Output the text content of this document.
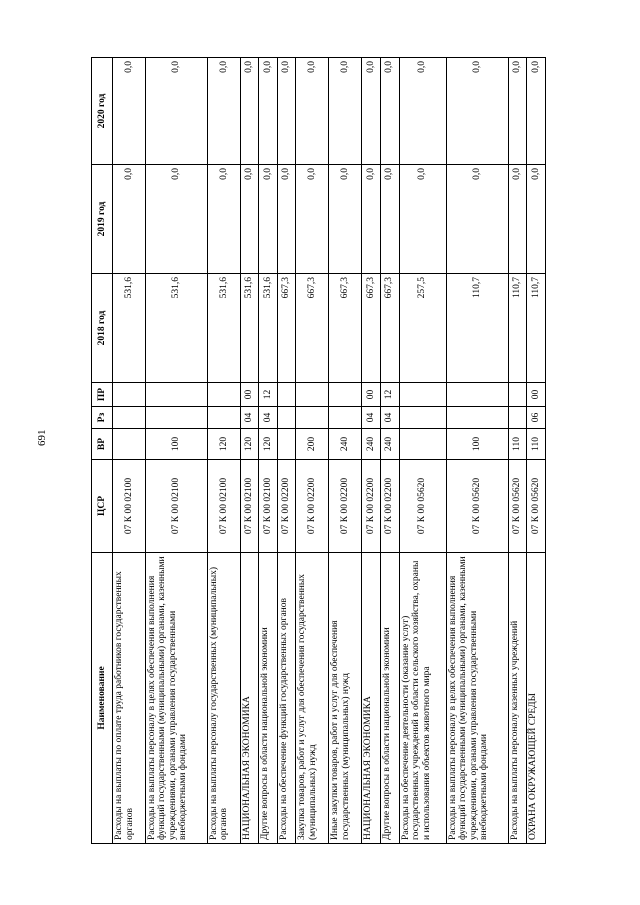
691
Наименование	ЦСР	ВР	Рз	ПР	2018 год	2019 год	2020 год
Расходы на выплаты по оплате труда работников государственных органов	07 К 00 02100				531,6	0,0	0,0
Расходы на выплаты персоналу в целях обеспечения выполнения функций государственными (муниципальными) органами, казенными учреждениями, органами управления государственными внебюджетными фондами	07 К 00 02100	100			531,6	0,0	0,0
Расходы на выплаты персоналу государственных (муниципальных) органов	07 К 00 02100	120			531,6	0,0	0,0
НАЦИОНАЛЬНАЯ ЭКОНОМИКА	07 К 00 02100	120	04	00	531,6	0,0	0,0
Другие вопросы в области национальной экономики	07 К 00 02100	120	04	12	531,6	0,0	0,0
Расходы на обеспечение функций государственных органов	07 К 00 02200				667,3	0,0	0,0
Закупка товаров, работ и услуг для обеспечения государственных (муниципальных) нужд	07 К 00 02200	200			667,3	0,0	0,0
Иные закупки товаров, работ и услуг для обеспечения государственных (муниципальных) нужд	07 К 00 02200	240			667,3	0,0	0,0
НАЦИОНАЛЬНАЯ ЭКОНОМИКА	07 К 00 02200	240	04	00	667,3	0,0	0,0
Другие вопросы в области национальной экономики	07 К 00 02200	240	04	12	667,3	0,0	0,0
Расходы на обеспечение деятельности (оказание услуг) государственных учреждений в области сельского хозяйства, охраны и использования объектов животного мира	07 К 00 05620				257,5	0,0	0,0
Расходы на выплаты персоналу в целях обеспечения выполнения функций государственными (муниципальными) органами, казенными учреждениями, органами управления государственными внебюджетными фондами	07 К 00 05620	100			110,7	0,0	0,0
Расходы на выплаты персоналу казенных учреждений	07 К 00 05620	110			110,7	0,0	0,0
ОХРАНА ОКРУЖАЮЩЕЙ СРЕДЫ	07 К 00 05620	110	06	00	110,7	0,0	0,0
